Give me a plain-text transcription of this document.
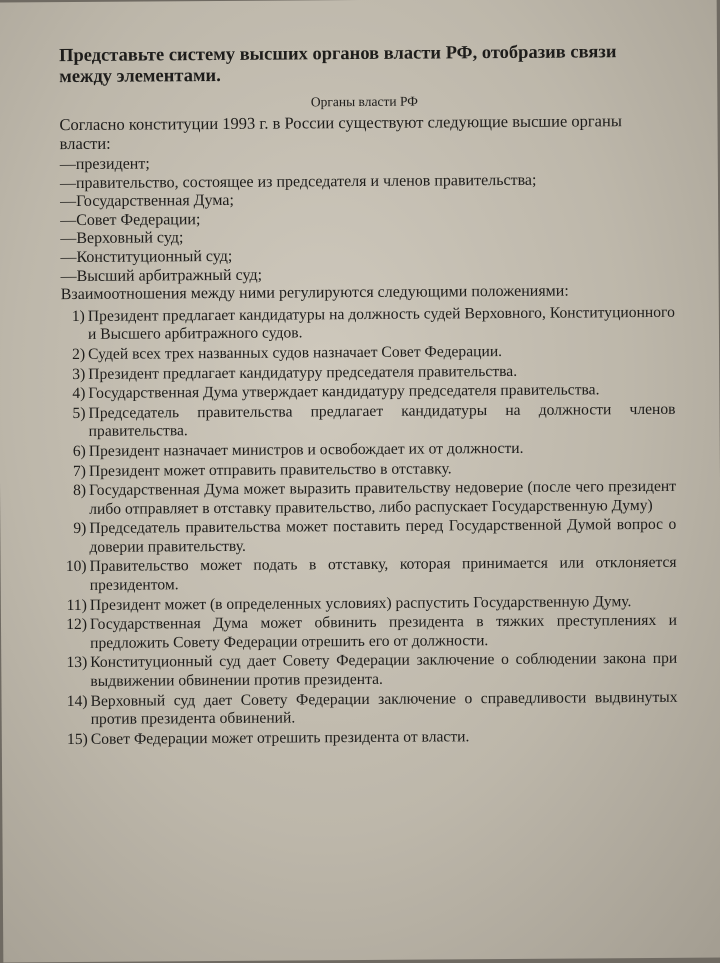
Представьте систему высших органов власти РФ, отобразив связи между элементами.
Органы власти РФ
Согласно конституции 1993 г. в России существуют следующие высшие органы власти:
— президент;
— правительство, состоящее из председателя и членов правительства;
— Государственная Дума;
— Совет Федерации;
— Верховный суд;
— Конституционный суд;
— Высший арбитражный суд;
Взаимоотношения между ними регулируются следующими положениями:
1) Президент предлагает кандидатуры на должность судей Верховного, Конституционного и Высшего арбитражного судов.
2) Судей всех трех названных судов назначает Совет Федерации.
3) Президент предлагает кандидатуру председателя правительства.
4) Государственная Дума утверждает кандидатуру председателя правительства.
5) Председатель правительства предлагает кандидатуры на должности членов правительства.
6) Президент назначает министров и освобождает их от должности.
7) Президент может отправить правительство в отставку.
8) Государственная Дума может выразить правительству недоверие (после чего президент либо отправляет в отставку правительство, либо распускает Государственную Думу)
9) Председатель правительства может поставить перед Государственной Думой вопрос о доверии правительству.
10) Правительство может подать в отставку, которая принимается или отклоняется президентом.
11) Президент может (в определенных условиях) распустить Государственную Думу.
12) Государственная Дума может обвинить президента в тяжких преступлениях и предложить Совету Федерации отрешить его от должности.
13) Конституционный суд дает Совету Федерации заключение о соблюдении закона при выдвижении обвинении против президента.
14) Верховный суд дает Совету Федерации заключение о справедливости выдвинутых против президента обвинений.
15) Совет Федерации может отрешить президента от власти.
